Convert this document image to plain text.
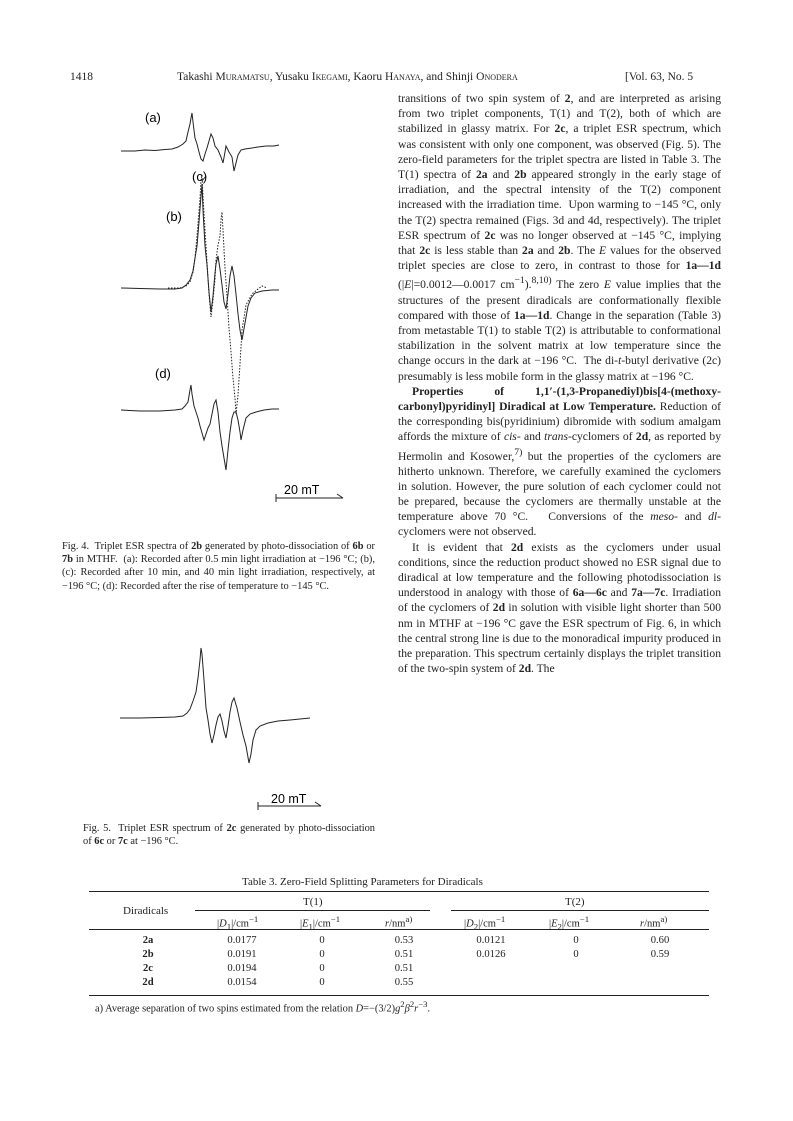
1418	Takashi Muramatsu, Yusaku Ikegami, Kaoru Hanaya, and Shinji Onodera	[Vol. 63, No. 5
(a)
(c)
(b)
(d)
20 mT
Fig. 4.  Triplet ESR spectra of 2b generated by photo-dissociation of 6b or 7b in MTHF.  (a): Recorded after 0.5 min light irradiation at −196 °C; (b), (c): Recorded after 10 min, and 40 min light irradiation, respectively, at −196 °C; (d): Recorded after the rise of temperature to −145 °C.
20 mT
Fig. 5.  Triplet ESR spectrum of 2c generated by photo-dissociation of 6c or 7c at −196 °C.

transitions of two spin system of 2, and are interpreted as arising from two triplet components, T(1) and T(2), both of which are stabilized in glassy matrix. For 2c, a triplet ESR spectrum, which was consistent with only one component, was observed (Fig. 5). The zero-field parameters for the triplet spectra are listed in Table 3. The T(1) spectra of 2a and 2b appeared strongly in the early stage of irradiation, and the spectral intensity of the T(2) component increased with the irradiation time.  Upon warming to −145 °C, only the T(2) spectra remained (Figs. 3d and 4d, respectively). The triplet ESR spectrum of 2c was no longer observed at −145 °C, implying that 2c is less stable than 2a and 2b. The E values for the observed triplet species are close to zero, in contrast to those for 1a—1d (|E|=0.0012—0.0017 $cm^{-1}).^{8,10)}$ The zero E value implies that the structures of the present diradicals are conformationally flexible compared with those of 1a—1d. Change in the separation (Table 3) from metastable T(1) to stable T(2) is attributable to conformational stabilization in the solvent matrix at low temperature since the change occurs in the dark at −196 °C.  The di-t-butyl derivative (2c) presumably is less mobile form in the glassy matrix at −196 °C.

Properties of 1,1′-(1,3-Propanediyl)bis[4-(methoxy-carbonyl)pyridinyl] Diradical at Low Temperature. Reduction of the corresponding bis(pyridinium) dibromide with sodium amalgam affords the mixture of cis- and trans-cyclomers of 2d, as reported by Hermolin and Kosower,$^{7)}$ but the properties of the cyclomers are hitherto unknown. Therefore, we carefully examined the cyclomers in solution. However, the pure solution of each cyclomer could not be prepared, because the cyclomers are thermally unstable at the temperature above 70 °C.   Conversions of the meso- and dl-cyclomers were not observed.

It is evident that 2d exists as the cyclomers under usual conditions, since the reduction product showed no ESR signal due to diradical at low temperature and the following photodissociation is understood in analogy with those of 6a—6c and 7a—7c. Irradiation of the cyclomers of 2d in solution with visible light shorter than 500 nm in MTHF at −196 °C gave the ESR spectrum of Fig. 6, in which the central strong line is due to the monoradical impurity produced in the preparation. This spectrum certainly displays the triplet transition of the two-spin system of 2d. The

Table 3. Zero-Field Splitting Parameters for Diradicals
Diradicals
T(1)	T(2)
$|D_1|/cm^{-1}$	$|E_1|/cm^{-1}$	$r/nm^{a)}$	$|D_2|/cm^{-1}$	$|E_2|/cm^{-1}$	$r/nm^{a)}$
2a	0.0177	0	0.53	0.0121	0	0.60
2b	0.0191	0	0.51	0.0126	0	0.59
2c	0.0194	0	0.51			
2d	0.0154	0	0.55			
a) Average separation of two spins estimated from the relation $D=-(3/2)g^2\beta^2r^{-3}$.
